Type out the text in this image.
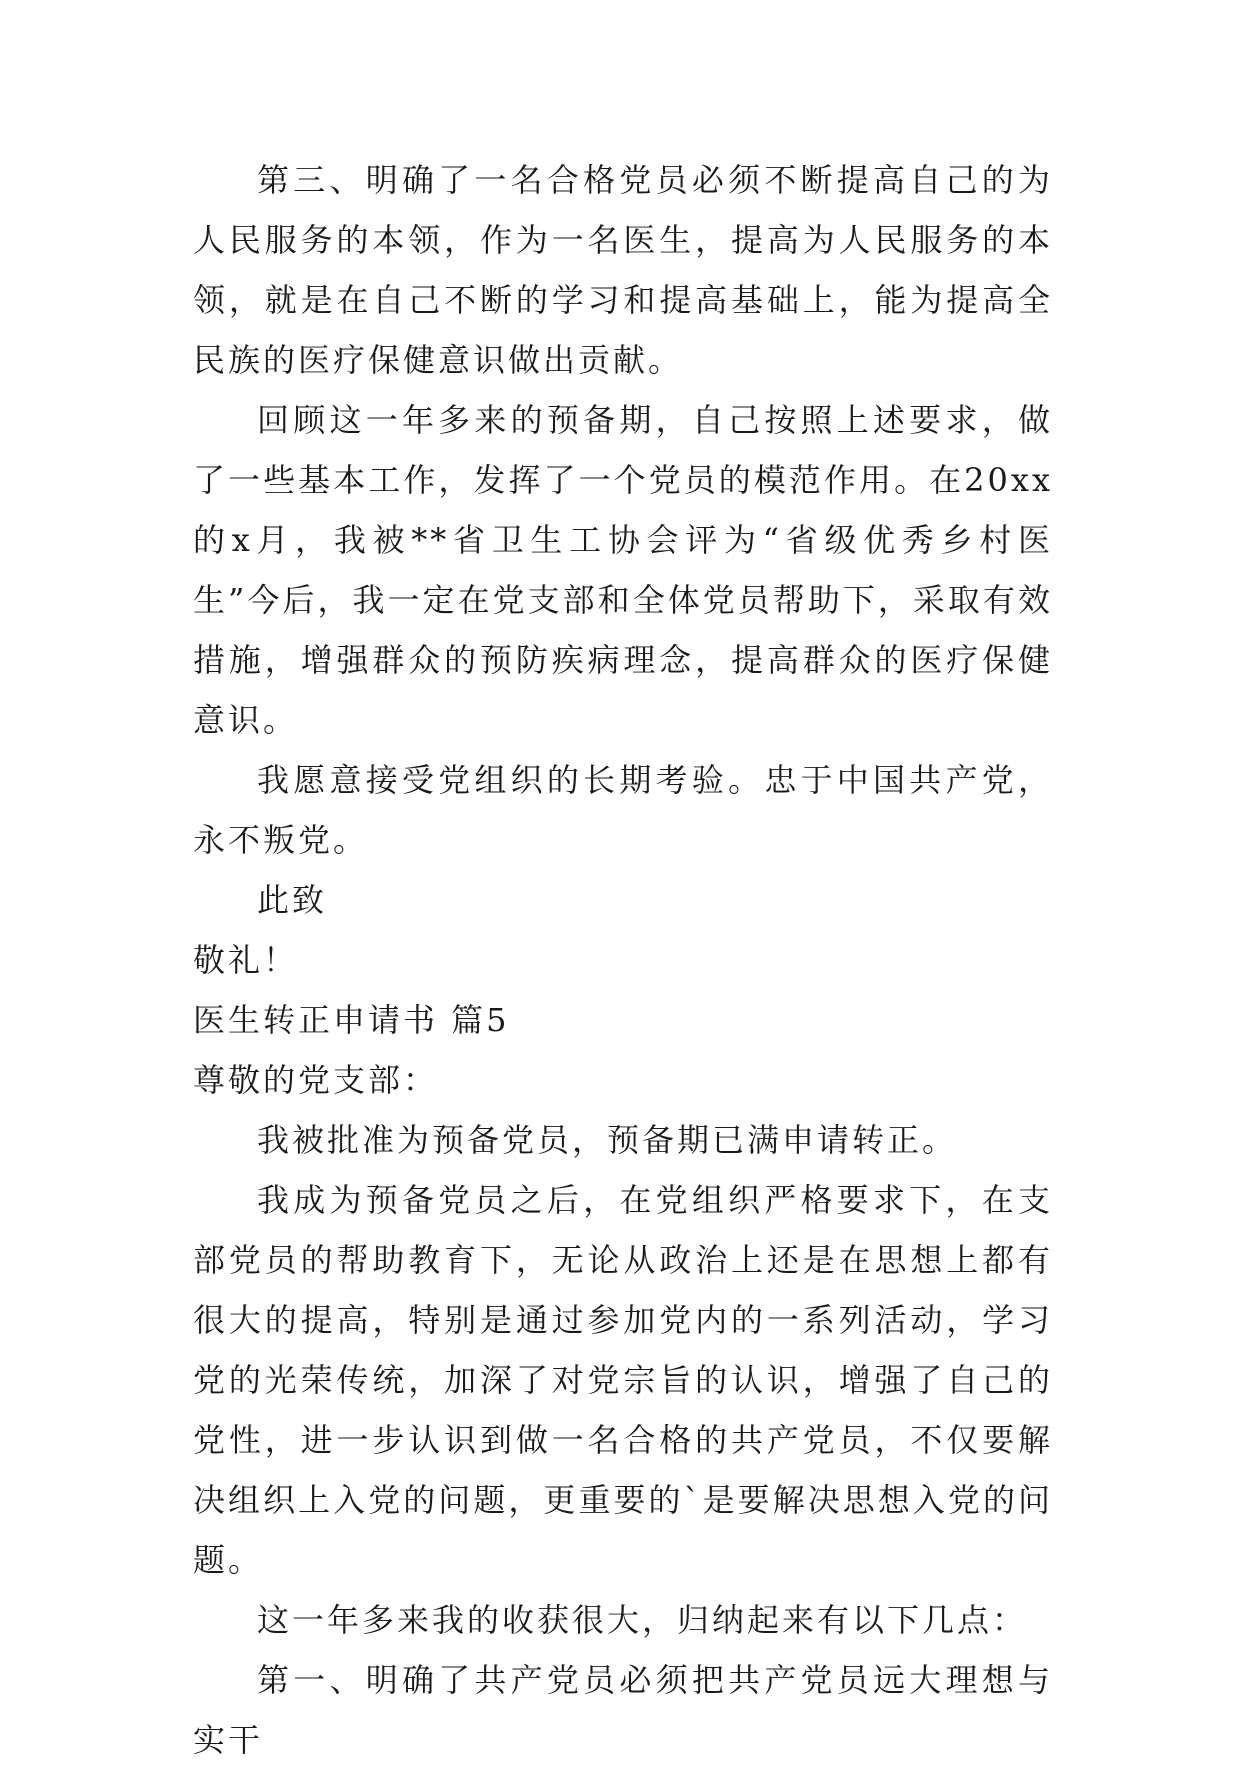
第三、明确了一名合格党员必须不断提高自己的为人民服务的本领，作为一名医生，提高为人民服务的本领，就是在自己不断的学习和提高基础上，能为提高全民族的医疗保健意识做出贡献。

回顾这一年多来的预备期，自己按照上述要求，做了一些基本工作，发挥了一个党员的模范作用。在20xx的x月，我被**省卫生工协会评为“省级优秀乡村医生”今后，我一定在党支部和全体党员帮助下，采取有效措施，增强群众的预防疾病理念，提高群众的医疗保健意识。

我愿意接受党组织的长期考验。忠于中国共产党，永不叛党。

此致

敬礼！

医生转正申请书 篇5

尊敬的党支部：

我被批准为预备党员，预备期已满申请转正。

我成为预备党员之后，在党组织严格要求下，在支部党员的帮助教育下，无论从政治上还是在思想上都有很大的提高，特别是通过参加党内的一系列活动，学习党的光荣传统，加深了对党宗旨的认识，增强了自己的党性，进一步认识到做一名合格的共产党员，不仅要解决组织上入党的问题，更重要的`是要解决思想入党的问题。

这一年多来我的收获很大，归纳起来有以下几点：

第一、明确了共产党员必须把共产党员远大理想与实干
